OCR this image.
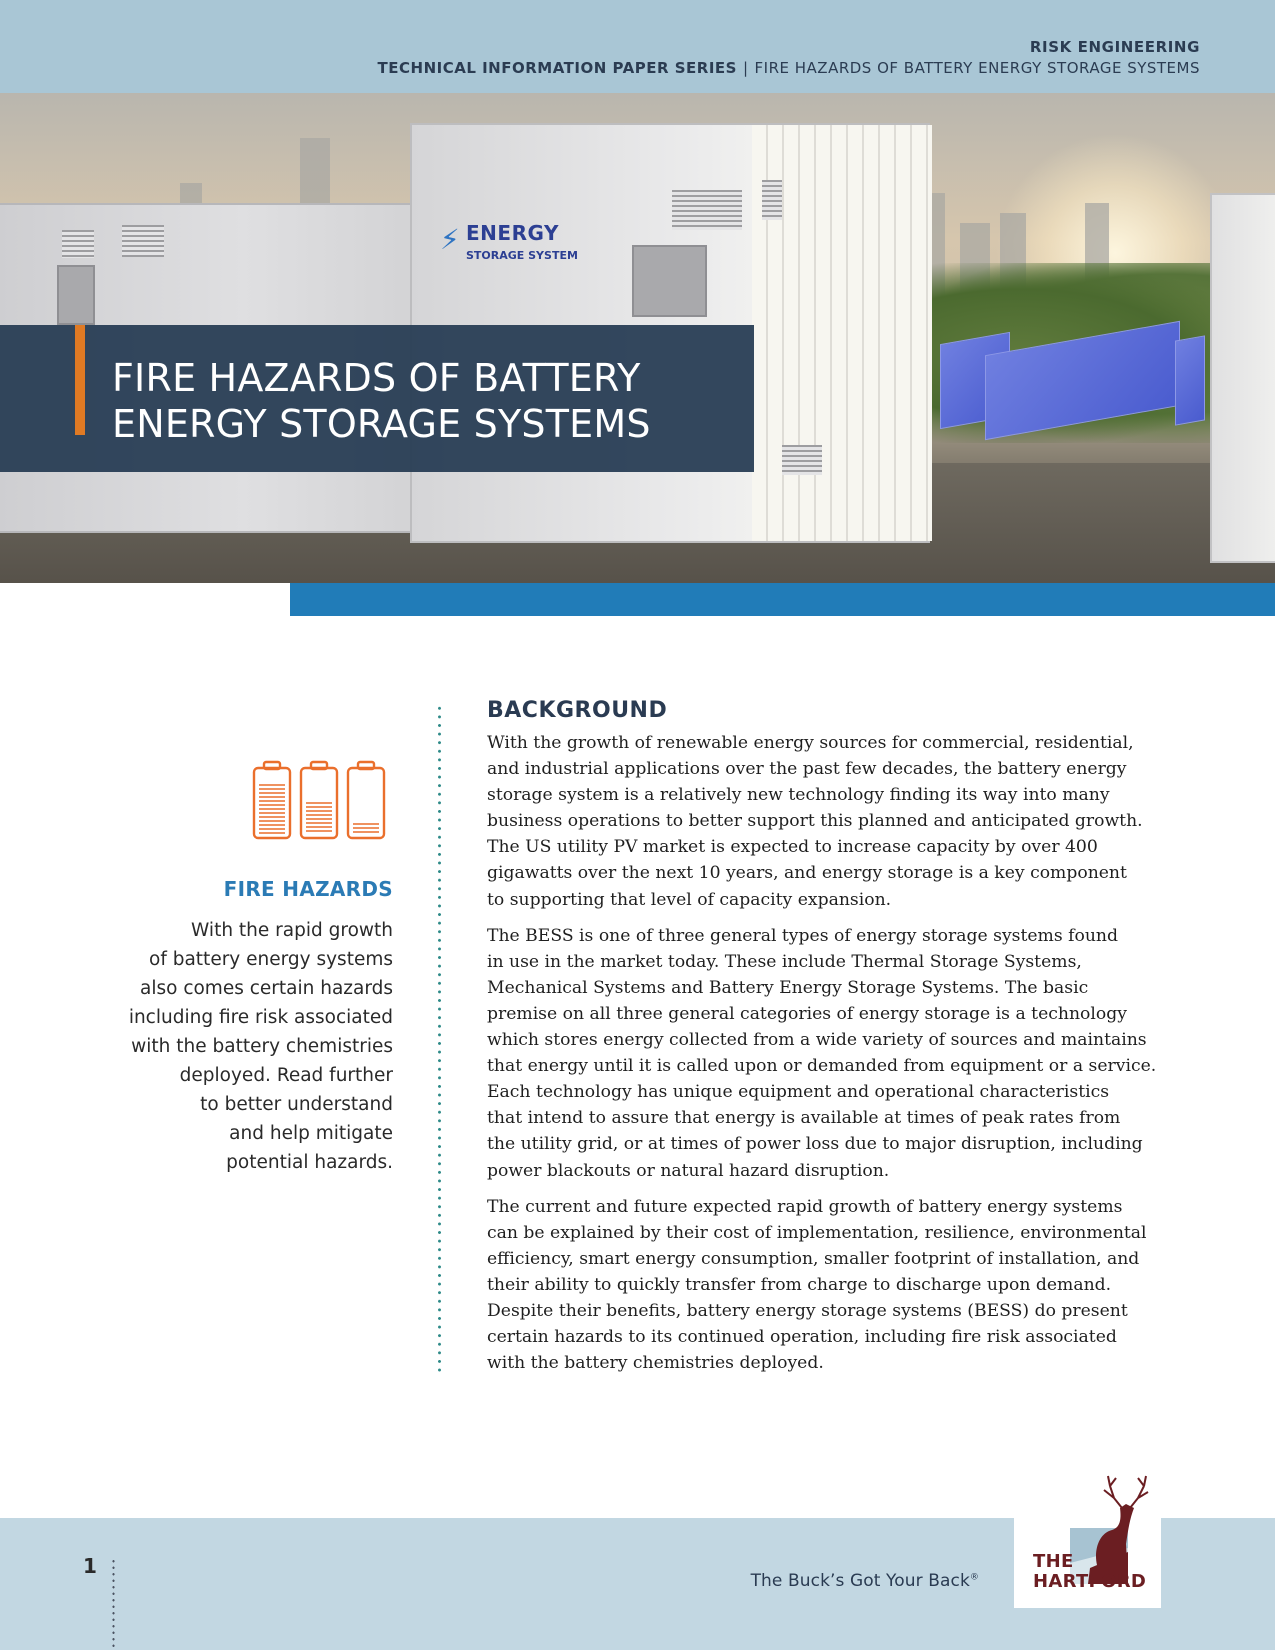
RISK ENGINEERING
TECHNICAL INFORMATION PAPER SERIES | FIRE HAZARDS OF BATTERY ENERGY STORAGE SYSTEMS
⚡ ENERGY
STORAGE SYSTEM
FIRE HAZARDS OF BATTERY
ENERGY STORAGE SYSTEMS
FIRE HAZARDS
With the rapid growth
of battery energy systems
also comes certain hazards
including fire risk associated
with the battery chemistries
deployed. Read further
to better understand
and help mitigate
potential hazards.
BACKGROUND

With the growth of renewable energy sources for commercial, residential,
and industrial applications over the past few decades, the battery energy
storage system is a relatively new technology finding its way into many
business operations to better support this planned and anticipated growth.
The US utility PV market is expected to increase capacity by over 400
gigawatts over the next 10 years, and energy storage is a key component
to supporting that level of capacity expansion.

The BESS is one of three general types of energy storage systems found
in use in the market today. These include Thermal Storage Systems,
Mechanical Systems and Battery Energy Storage Systems. The basic
premise on all three general categories of energy storage is a technology
which stores energy collected from a wide variety of sources and maintains
that energy until it is called upon or demanded from equipment or a service.
Each technology has unique equipment and operational characteristics
that intend to assure that energy is available at times of peak rates from
the utility grid, or at times of power loss due to major disruption, including
power blackouts or natural hazard disruption.

The current and future expected rapid growth of battery energy systems
can be explained by their cost of implementation, resilience, environmental
efficiency, smart energy consumption, smaller footprint of installation, and
their ability to quickly transfer from charge to discharge upon demand.
Despite their benefits, battery energy storage systems (BESS) do present
certain hazards to its continued operation, including fire risk associated
with the battery chemistries deployed.

1
The Buck’s Got Your Back®
THE
HARTFORD
